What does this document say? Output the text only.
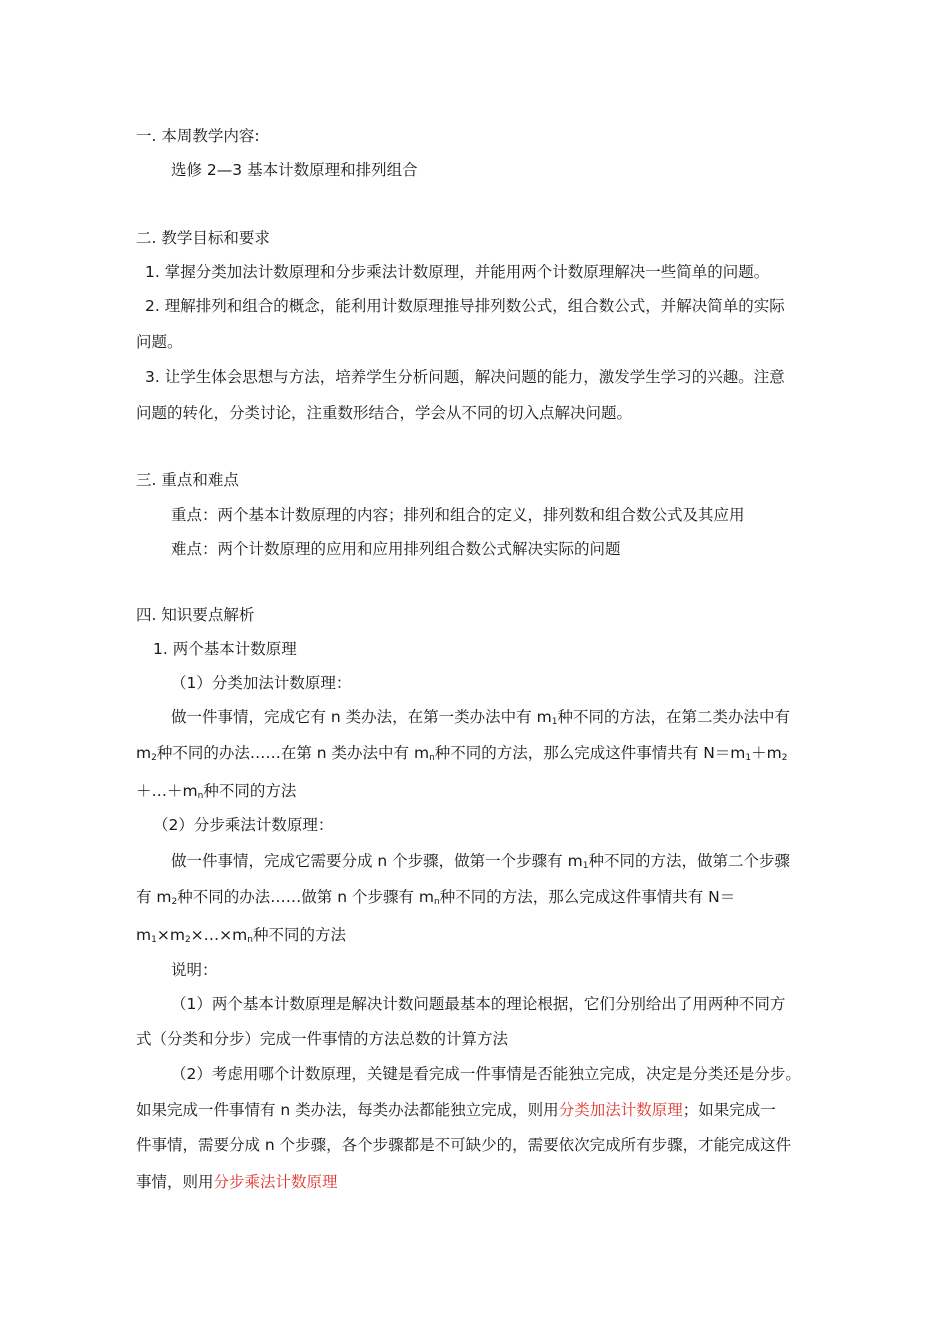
一. 本周教学内容:
选修 2—3 基本计数原理和排列组合
二. 教学目标和要求
1. 掌握分类加法计数原理和分步乘法计数原理，并能用两个计数原理解决一些简单的问题。
2. 理解排列和组合的概念，能利用计数原理推导排列数公式，组合数公式，并解决简单的实际
问题。
3. 让学生体会思想与方法，培养学生分析问题，解决问题的能力，激发学生学习的兴趣。注意
问题的转化，分类讨论，注重数形结合，学会从不同的切入点解决问题。
三. 重点和难点
重点：两个基本计数原理的内容；排列和组合的定义，排列数和组合数公式及其应用
难点：两个计数原理的应用和应用排列组合数公式解决实际的问题
四. 知识要点解析
1. 两个基本计数原理
（1）分类加法计数原理：
做一件事情，完成它有 n 类办法，在第一类办法中有 $m_1$种不同的方法，在第二类办法中有
$m_2$种不同的办法……在第 n 类办法中有 $m_n$种不同的方法，那么完成这件事情共有 $N=m_1+m_2$
$+\dots+m_n$种不同的方法
（2）分步乘法计数原理：
做一件事情，完成它需要分成 n 个步骤，做第一个步骤有 $m_1$种不同的方法，做第二个步骤
有 $m_2$种不同的办法……做第 n 个步骤有 $m_n$种不同的方法，那么完成这件事情共有 N＝
$m_1\times m_2\times\dots\times m_n$种不同的方法
说明：
（1）两个基本计数原理是解决计数问题最基本的理论根据，它们分别给出了用两种不同方
式（分类和分步）完成一件事情的方法总数的计算方法
（2）考虑用哪个计数原理，关键是看完成一件事情是否能独立完成，决定是分类还是分步。
如果完成一件事情有 n 类办法，每类办法都能独立完成，则用分类加法计数原理；如果完成一
件事情，需要分成 n 个步骤，各个步骤都是不可缺少的，需要依次完成所有步骤，才能完成这件
事情，则用分步乘法计数原理
